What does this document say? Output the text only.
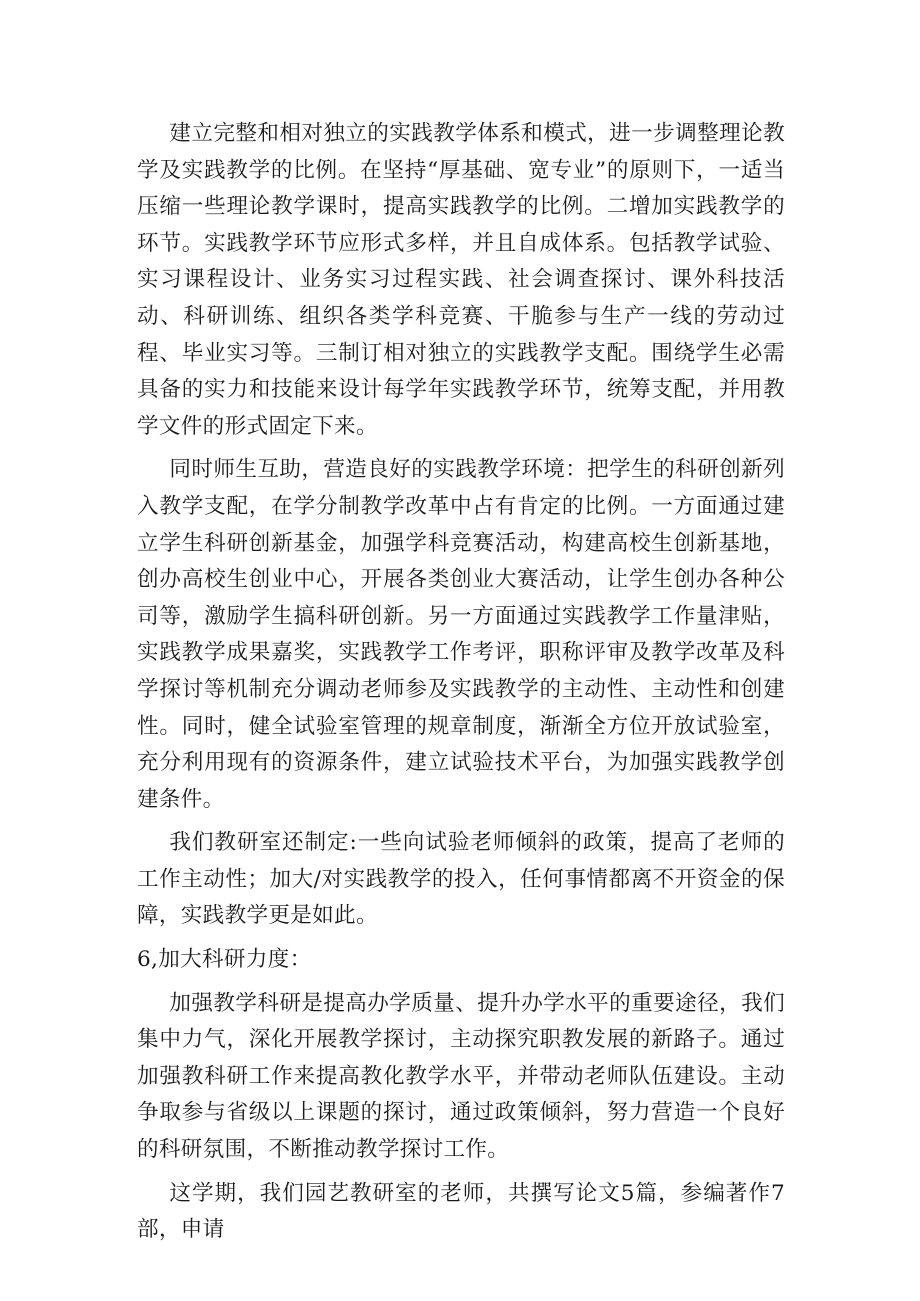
建立完整和相对独立的实践教学体系和模式，进一步调整理论教学及实践教学的比例。在坚持“厚基础、宽专业”的原则下，一适当压缩一些理论教学课时，提高实践教学的比例。二增加实践教学的环节。实践教学环节应形式多样，并且自成体系。包括教学试验、实习课程设计、业务实习过程实践、社会调查探讨、课外科技活动、科研训练、组织各类学科竞赛、干脆参与生产一线的劳动过程、毕业实习等。三制订相对独立的实践教学支配。围绕学生必需具备的实力和技能来设计每学年实践教学环节，统筹支配，并用教学文件的形式固定下来。

同时师生互助，营造良好的实践教学环境：把学生的科研创新列入教学支配，在学分制教学改革中占有肯定的比例。一方面通过建立学生科研创新基金，加强学科竞赛活动，构建高校生创新基地，创办高校生创业中心，开展各类创业大赛活动，让学生创办各种公司等，激励学生搞科研创新。另一方面通过实践教学工作量津贴，实践教学成果嘉奖，实践教学工作考评，职称评审及教学改革及科学探讨等机制充分调动老师参及实践教学的主动性、主动性和创建性。同时，健全试验室管理的规章制度，渐渐全方位开放试验室，充分利用现有的资源条件，建立试验技术平台，为加强实践教学创建条件。

我们教研室还制定:一些向试验老师倾斜的政策，提高了老师的工作主动性；加大/对实践教学的投入，任何事情都离不开资金的保障，实践教学更是如此。

6,加大科研力度：

加强教学科研是提高办学质量、提升办学水平的重要途径，我们集中力气，深化开展教学探讨，主动探究职教发展的新路子。通过加强教科研工作来提高教化教学水平，并带动老师队伍建设。主动争取参与省级以上课题的探讨，通过政策倾斜，努力营造一个良好的科研氛围，不断推动教学探讨工作。

这学期，我们园艺教研室的老师，共撰写论文5篇，参编著作7部，申请
